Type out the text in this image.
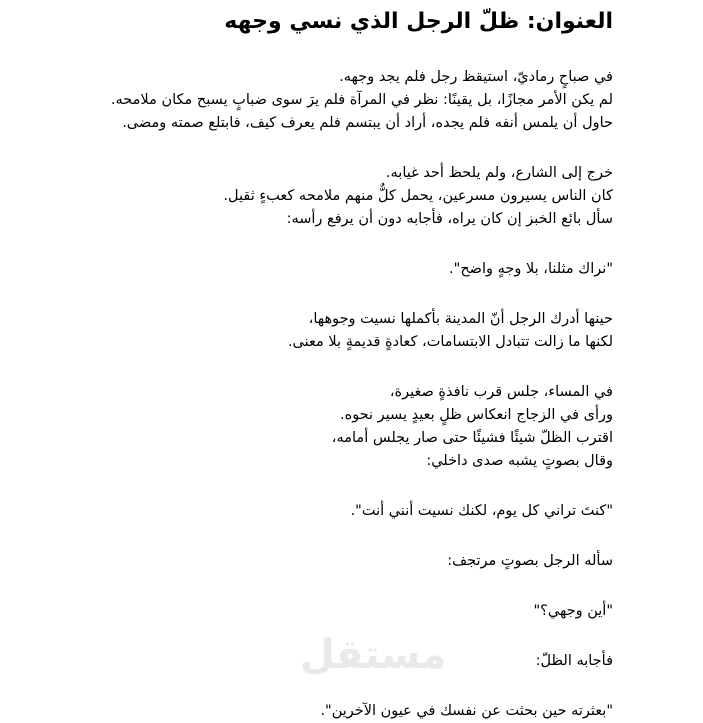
العنوان: ظلّ الرجل الذي نسي وجهه
في صباحٍ رماديّ، استيقظ رجل فلم يجد وجهه.
لم يكن الأمر مجازًا، بل يقينًا: نظر في المرآة فلم يرَ سوى ضبابٍ يسبح مكان ملامحه.
حاول أن يلمس أنفه فلم يجده، أراد أن يبتسم فلم يعرف كيف، فابتلع صمته ومضى.
خرج إلى الشارع، ولم يلحظ أحد غيابه.
كان الناس يسيرون مسرعين، يحمل كلٌّ منهم ملامحه كعبءٍ ثقيل.
سأل بائع الخبز إن كان يراه، فأجابه دون أن يرفع رأسه:
"نراك مثلنا، بلا وجهٍ واضح".
حينها أدرك الرجل أنّ المدينة بأكملها نسيت وجوهها،
لكنها ما زالت تتبادل الابتسامات، كعادةٍ قديمةٍ بلا معنى.
في المساء، جلس قرب نافذةٍ صغيرة،
ورأى في الزجاج انعكاس ظلٍ بعيدٍ يسير نحوه.
اقترب الظلّ شيئًا فشيئًا حتى صار يجلس أمامه،
وقال بصوتٍ يشبه صدى داخلي:
"كنتَ تراني كل يوم، لكنك نسيت أنني أنت".
سأله الرجل بصوتٍ مرتجف:
"أين وجهي؟"
فأجابه الظلّ:
"بعثرته حين بحثت عن نفسك في عيون الآخرين".
مستقل
